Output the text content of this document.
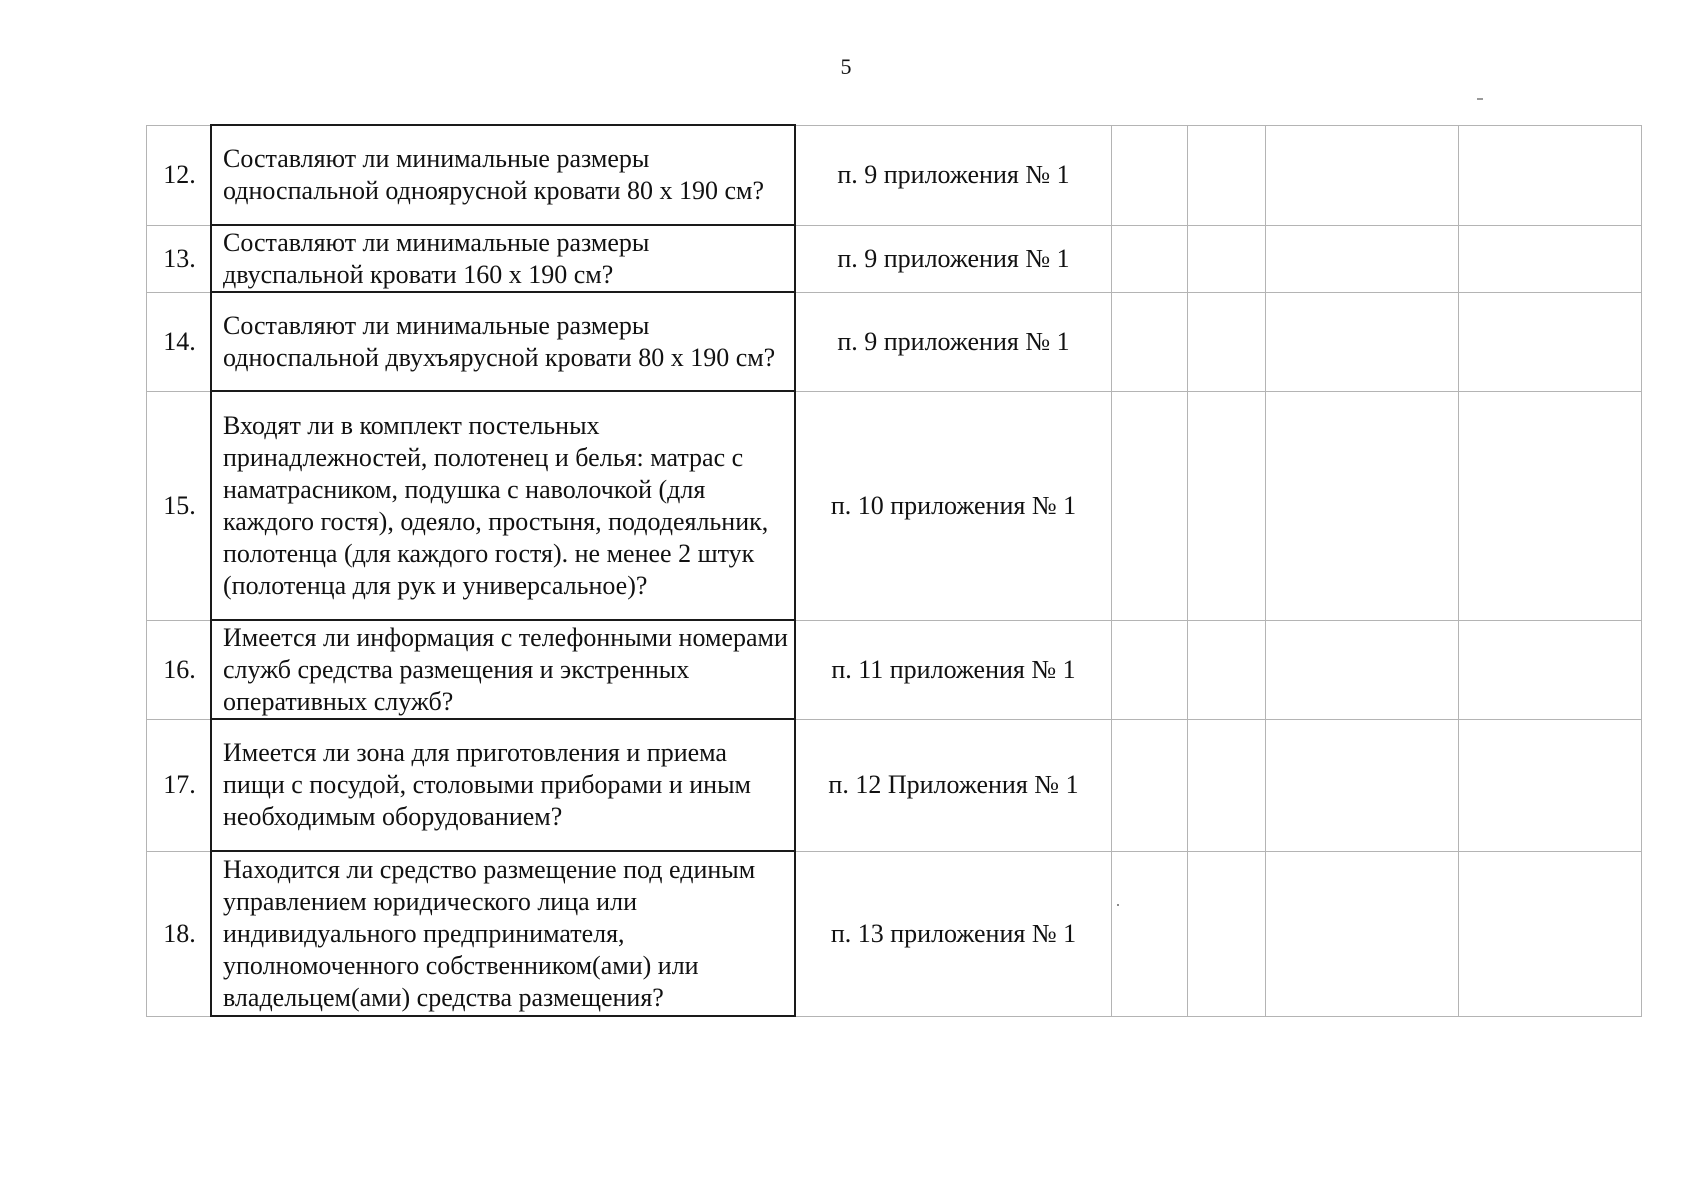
5
12.	Составляют ли минимальные размеры односпальной одноярусной кровати 80 х 190 см?	п. 9 приложения № 1				
13.	Составляют ли минимальные размеры двуспальной кровати 160 х 190 см?	п. 9 приложения № 1				
14.	Составляют ли минимальные размеры односпальной двухъярусной кровати 80 х 190 см?	п. 9 приложения № 1				
15.	Входят ли в комплект постельных принадлежностей, полотенец и белья: матрас с наматрасником, подушка с наволочкой (для каждого гостя), одеяло, простыня, пододеяльник, полотенца (для каждого гостя). не менее 2 штук (полотенца для рук и универсальное)?	п. 10 приложения № 1				
16.	Имеется ли информация с телефонными номерами служб средства размещения и экстренных оперативных служб?	п. 11 приложения № 1				
17.	Имеется ли зона для приготовления и приема пищи с посудой, столовыми приборами и иным необходимым оборудованием?	п. 12 Приложения № 1				
18.	Находится ли средство размещение под единым управлением юридического лица или индивидуального предпринимателя, уполномоченного собственником(ами) или владельцем(ами) средства размещения?	п. 13 приложения № 1				
